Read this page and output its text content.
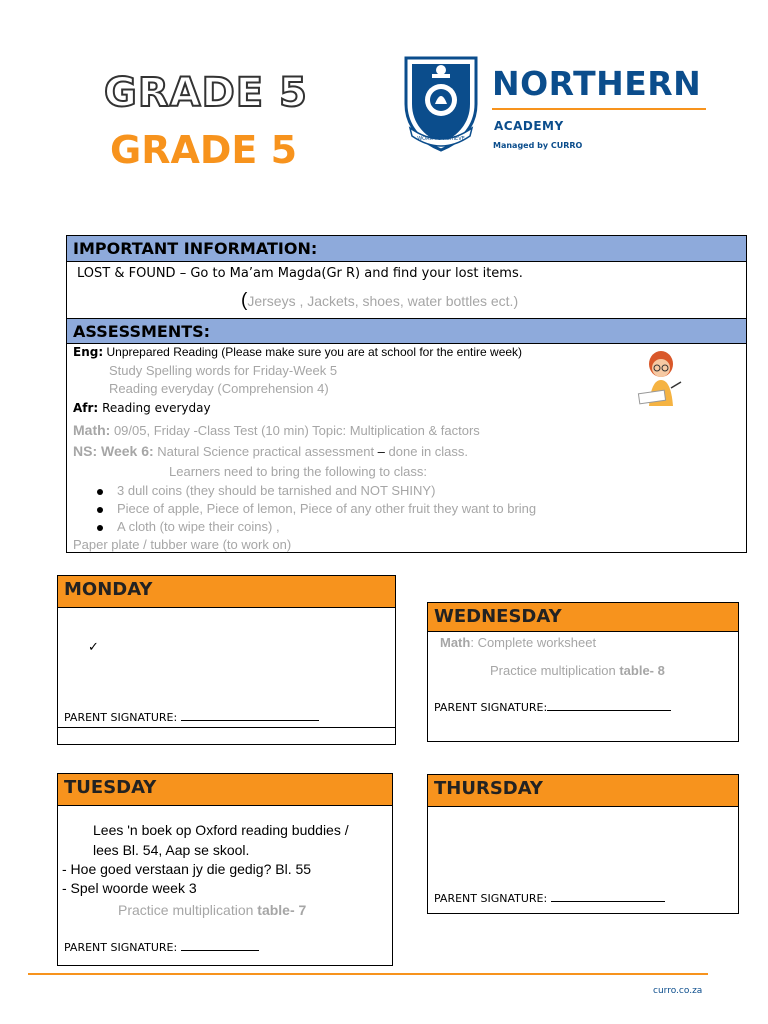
GRADE 5
GRADE 5	WORK TO ACHIEVE
NORTHERN
ACADEMY
Managed by CURRO
IMPORTANT INFORMATION:
LOST & FOUND – Go to Ma’am Magda(Gr R) and find your lost items.
(Jerseys , Jackets, shoes, water bottles ect.)
ASSESSMENTS:
Eng: Unprepared Reading (Please make sure you are at school for the entire week)
Study Spelling words for Friday-Week 5
Reading everyday (Comprehension 4)
Afr: Reading everyday
Math: 09/05, Friday -Class Test (10 min) Topic: Multiplication & factors
NS: Week 6: Natural Science practical assessment – done in class.
Learners need to bring the following to class:
3 dull coins (they should be tarnished and NOT SHINY)
Piece of apple, Piece of lemon, Piece of any other fruit they want to bring
A cloth (to wipe their coins) ,
Paper plate / tubber ware (to work on)
MONDAY
✓
PARENT SIGNATURE:
WEDNESDAY
Math: Complete worksheet
Practice multiplication table- 8
PARENT SIGNATURE:
TUESDAY
Lees 'n boek op Oxford reading buddies /
lees Bl. 54, Aap se skool.
- Hoe goed verstaan jy die gedig? Bl. 55
- Spel woorde week 3
Practice multiplication table- 7
PARENT SIGNATURE:
THURSDAY
PARENT SIGNATURE:
curro.co.za
